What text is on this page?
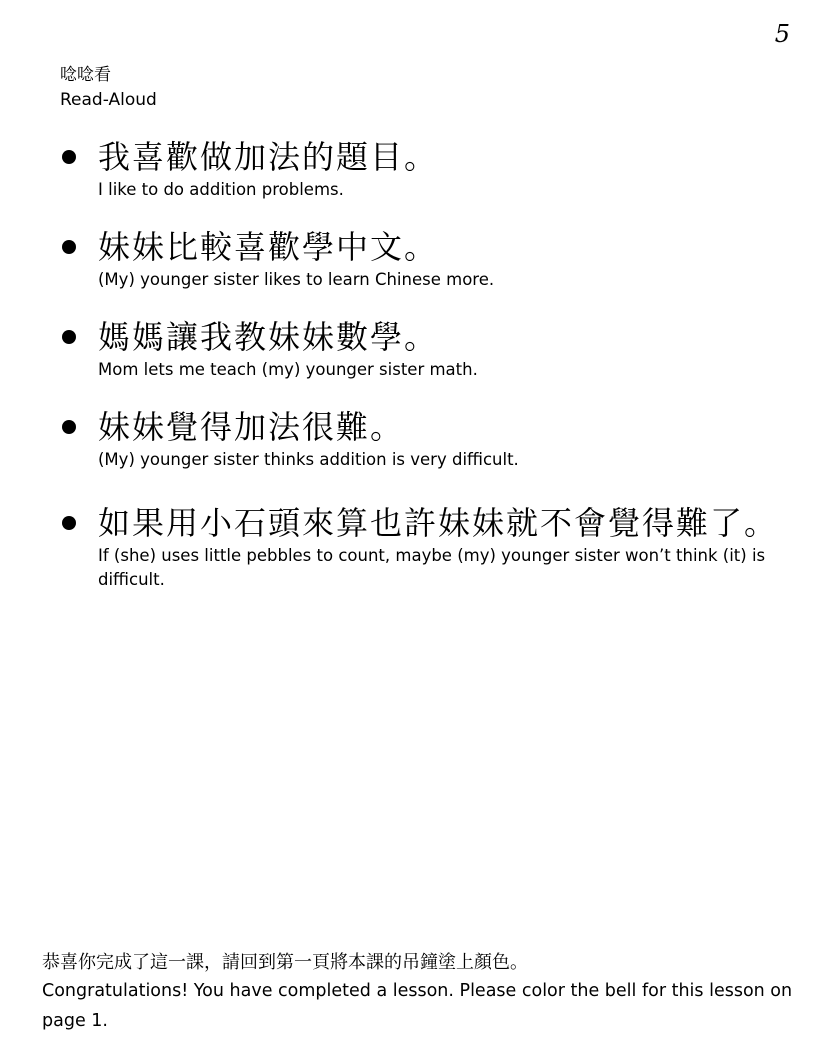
5
唸唸看
Read-Aloud
我喜歡做加法的題目。
I like to do addition problems.
妹妹比較喜歡學中文。
(My) younger sister likes to learn Chinese more.
媽媽讓我教妹妹數學。
Mom lets me teach (my) younger sister math.
妹妹覺得加法很難。
(My) younger sister thinks addition is very difficult.
如果用小石頭來算也許妹妹就不會覺得難了。
If (she) uses little pebbles to count, maybe (my) younger sister won’t think (it) is difficult.
恭喜你完成了這一課，請回到第一頁將本課的吊鐘塗上顏色。
Congratulations! You have completed a lesson. Please color the bell for this lesson on page 1.
